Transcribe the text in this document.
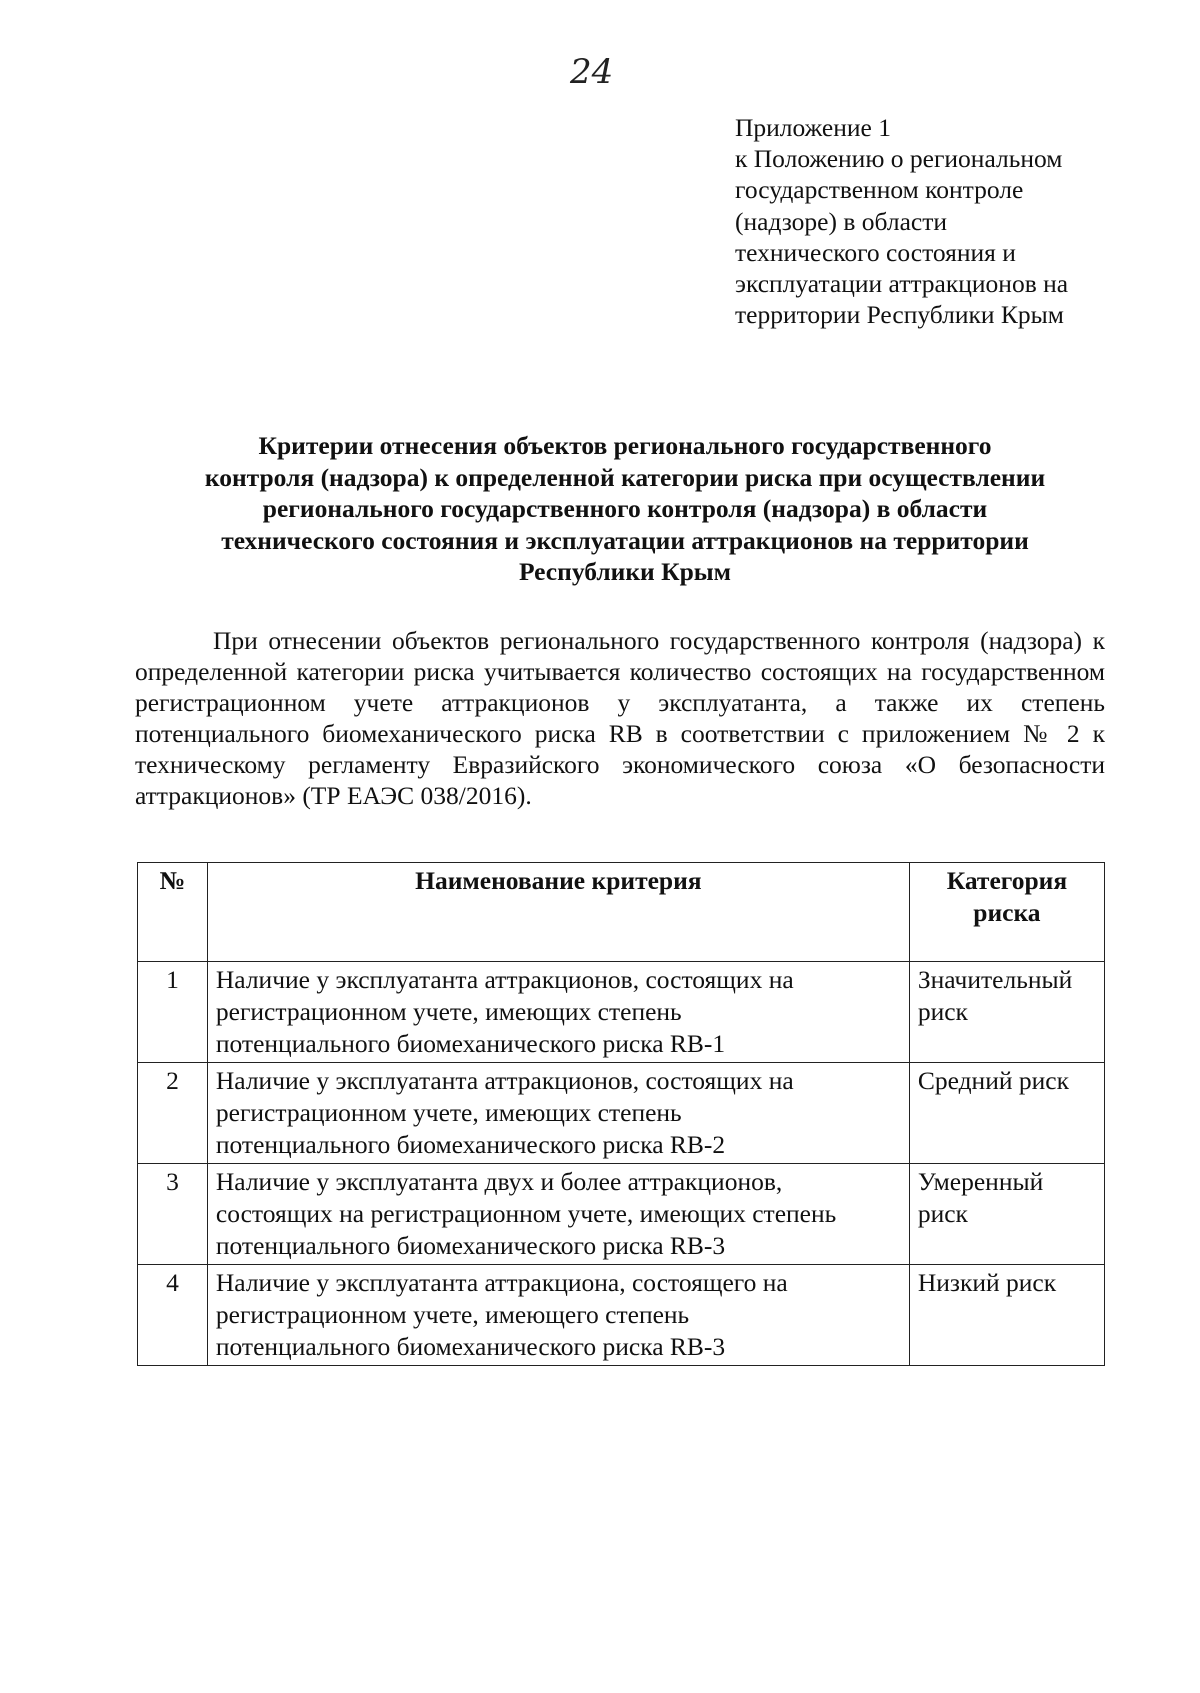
24
Приложение 1
к Положению о региональном
государственном контроле
(надзоре) в области
технического состояния и
эксплуатации аттракционов на
территории Республики Крым
Критерии отнесения объектов регионального государственного
контроля (надзора) к определенной категории риска при осуществлении
регионального государственного контроля (надзора) в области
технического состояния и эксплуатации аттракционов на территории
Республики Крым

При отнесении объектов регионального государственного контроля (надзора) к определенной категории риска учитывается количество состоящих на государственном регистрационном учете аттракционов у эксплуатанта, а также их степень потенциального биомеханического риска RB в соответствии с приложением № 2 к техническому регламенту Евразийского экономического союза «О безопасности аттракционов» (ТР ЕАЭС 038/2016).

№	Наименование критерия	Категория
риска

1	Наличие у эксплуатанта аттракционов, состоящих на
регистрационном учете, имеющих степень
потенциального биомеханического риска RB-1	Значительный
риск

2	Наличие у эксплуатанта аттракционов, состоящих на
регистрационном учете, имеющих степень
потенциального биомеханического риска RB-2	Средний риск

3	Наличие у эксплуатанта двух и более аттракционов,
состоящих на регистрационном учете, имеющих степень
потенциального биомеханического риска RB-3	Умеренный
риск

4	Наличие у эксплуатанта аттракциона, состоящего на
регистрационном учете, имеющего степень
потенциального биомеханического риска RB-3	Низкий риск
